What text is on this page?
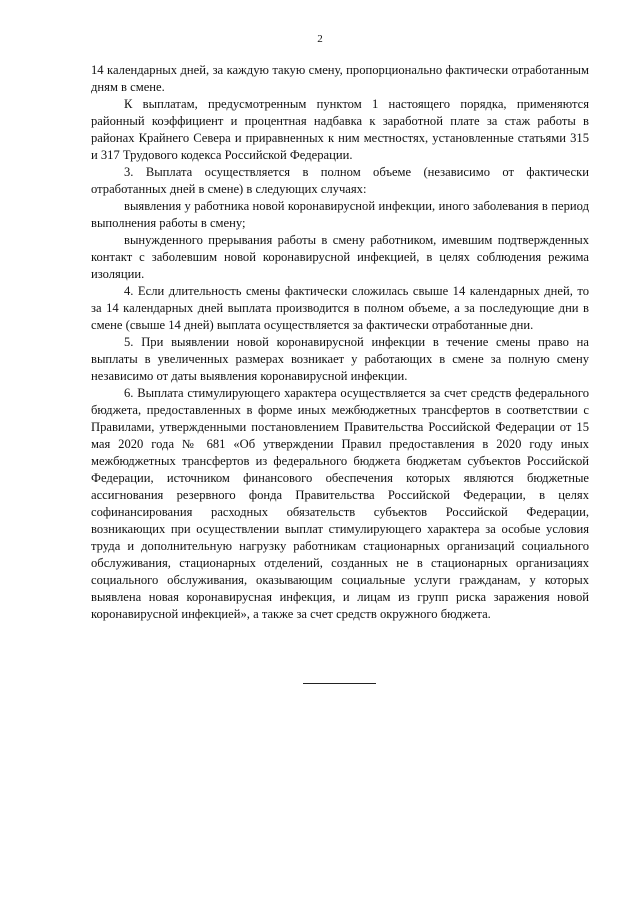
2

14 календарных дней, за каждую такую смену, пропорционально фактически отработанным дням в смене.

К выплатам, предусмотренным пунктом 1 настоящего порядка, применяются районный коэффициент и процентная надбавка к заработной плате за стаж работы в районах Крайнего Севера и приравненных к ним местностях, установленные статьями 315 и 317 Трудового кодекса Российской Федерации.

3. Выплата осуществляется в полном объеме (независимо от фактически отработанных дней в смене) в следующих случаях:

выявления у работника новой коронавирусной инфекции, иного заболевания в период выполнения работы в смену;

вынужденного прерывания работы в смену работником, имевшим подтвержденных контакт с заболевшим новой коронавирусной инфекцией, в целях соблюдения режима изоляции.

4. Если длительность смены фактически сложилась свыше 14 календарных дней, то за 14 календарных дней выплата производится в полном объеме, а за последующие дни в смене (свыше 14 дней) выплата осуществляется за фактически отработанные дни.

5. При выявлении новой коронавирусной инфекции в течение смены право на выплаты в увеличенных размерах возникает у работающих в смене за полную смену независимо от даты выявления коронавирусной инфекции.

6. Выплата стимулирующего характера осуществляется за счет средств федерального бюджета, предоставленных в форме иных межбюджетных трансфертов в соответствии с Правилами, утвержденными постановлением Правительства Российской Федерации от 15 мая 2020 года № 681 «Об утверждении Правил предоставления в 2020 году иных межбюджетных трансфертов из федерального бюджета бюджетам субъектов Российской Федерации, источником финансового обеспечения которых являются бюджетные ассигнования резервного фонда Правительства Российской Федерации, в целях софинансирования расходных обязательств субъектов Российской Федерации, возникающих при осуществлении выплат стимулирующего характера за особые условия труда и дополнительную нагрузку работникам стационарных организаций социального обслуживания, стационарных отделений, созданных не в стационарных организациях социального обслуживания, оказывающим социальные услуги гражданам, у которых выявлена новая коронавирусная инфекция, и лицам из групп риска заражения новой коронавирусной инфекцией», а также за счет средств окружного бюджета.
